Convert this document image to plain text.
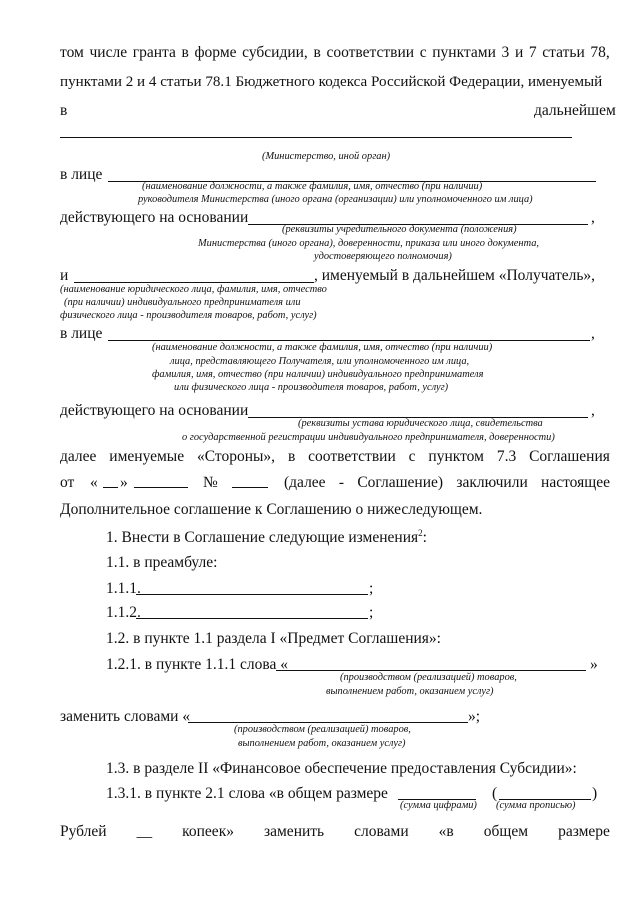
том числе гранта в форме субсидии, в соответствии с пунктами 3 и 7 статьи 78,
пунктами 2 и 4 статьи 78.1 Бюджетного кодекса Российской Федерации, именуемый
в	дальнейшем
(Министерство, иной орган)
в лице
(наименование должности, а также фамилия, имя, отчество (при наличии)
руководителя Министерства (иного органа (организации) или уполномоченного им лица)
действующего на основании	,
(реквизиты учредительного документа (положения)
Министерства (иного органа), доверенности, приказа или иного документа,
удостоверяющего полномочия)
и	, именуемый в дальнейшем «Получатель»,
(наименование юридического лица, фамилия, имя, отчество
(при наличии) индивидуального предпринимателя или
физического лица - производителя товаров, работ, услуг)
в лице	,
(наименование должности, а также фамилия, имя, отчество (при наличии)
лица, представляющего Получателя, или уполномоченного им лица,
фамилия, имя, отчество (при наличии) индивидуального предпринимателя
или физического лица - производителя товаров, работ, услуг)
действующего на основании	,
(реквизиты устава юридического лица, свидетельства
о государственной регистрации индивидуального предпринимателя, доверенности)
далее именуемые «Стороны», в соответствии с пунктом 7.3 Соглашения
от « »	№	(далее - Соглашение) заключили настоящее
Дополнительное соглашение к Соглашению о нижеследующем.
1. Внести в Соглашение следующие изменения$^2$:
1.1. в преамбуле:
1.1.1.	;
1.1.2.	;
1.2. в пункте 1.1 раздела I «Предмет Соглашения»:
1.2.1. в пункте 1.1.1 слова «	»
(производством (реализацией) товаров,
выполнением работ, оказанием услуг)
заменить словами «	»;
(производством (реализацией) товаров,
выполнением работ, оказанием услуг)
1.3. в разделе II «Финансовое обеспечение предоставления Субсидии»:
1.3.1. в пункте 2.1 слова «в общем размере	(	)
(сумма цифрами) (сумма прописью)
Рублей __ копеек» заменить словами «в общем размере
